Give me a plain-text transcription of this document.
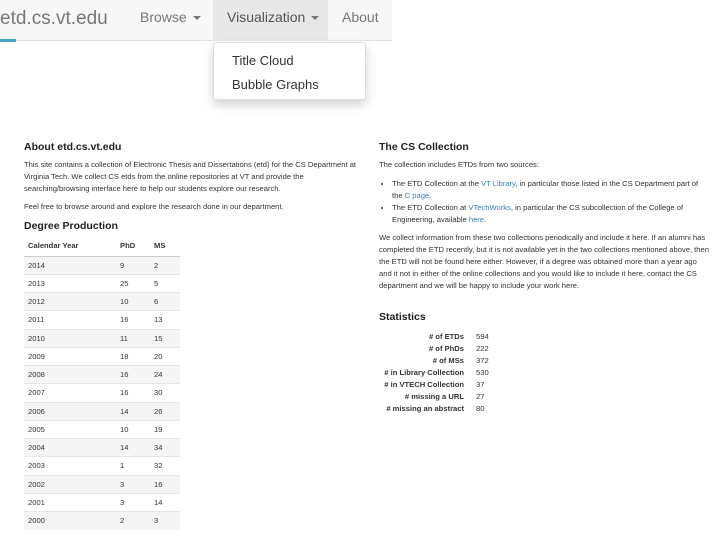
etd.cs.vt.edu Browse	Visualization	About
Title Cloud
Bubble Graphs
About etd.cs.vt.edu

This site contains a collection of Electronic Thesis and Dissertations (etd) for the CS Department at Virginia Tech. We collect CS etds from the online repositories at VT and provide the searching/browsing interface here to help our students explore our research.

Feel free to browse around and explore the research done in our department.

Degree Production
Calendar Year	PhD	MS
2014	9	2
2013	25	5
2012	10	6
2011	16	13
2010	11	15
2009	18	20
2008	16	24
2007	16	30
2006	14	26
2005	10	19
2004	14	34
2003	1	32
2002	3	16
2001	3	14
2000	2	3
The CS Collection

The collection includes ETDs from two sources:

• The ETD Collection at the VT Library, in particular those listed in the CS Department part of the C page.
• The ETD Collection at VTechWorks, in particular the CS subcollection of the College of Engineering, available here.

We collect information from these two collections periodically and include it here. If an alumni has completed the ETD recently, but it is not available yet in the two collections mentioned above, then the ETD will not be found here either. However, if a degree was obtained more than a year ago and it not in either of the online collections and you would like to include it here, contact the CS department and we will be happy to include your work here.

Statistics
# of ETDs	594
# of PhDs	222
# of MSs	372
# in Library Collection	530
# in VTECH Collection	37
# missing a URL	27
# missing an abstract	80
